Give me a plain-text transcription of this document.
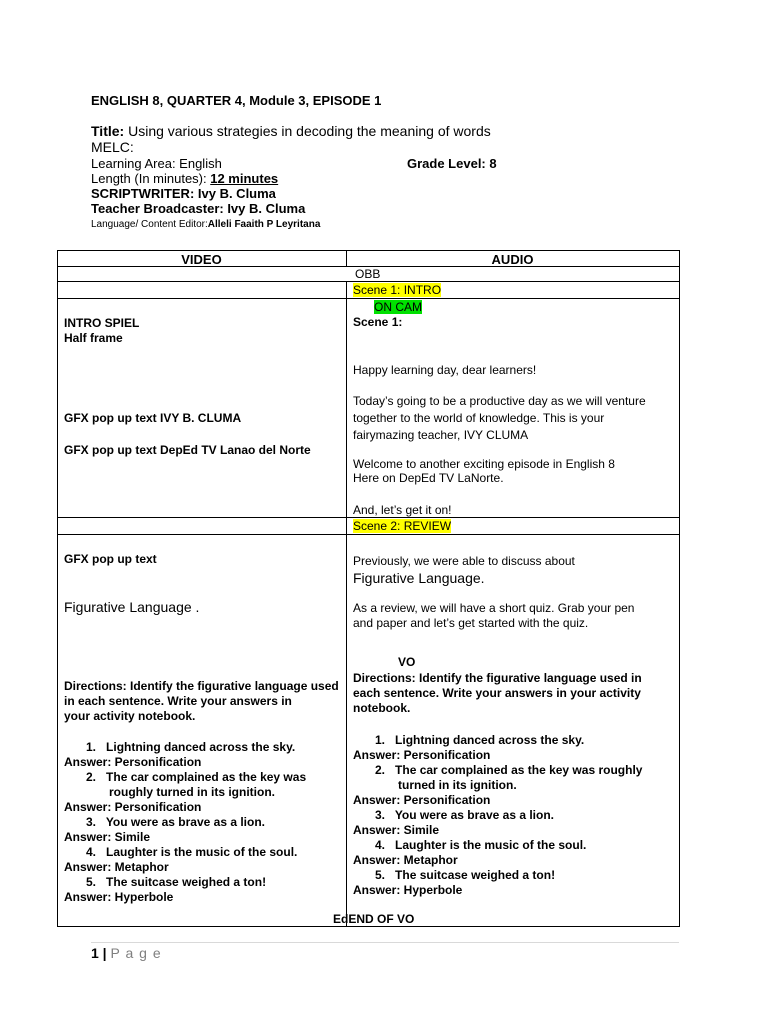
ENGLISH 8, QUARTER 4, Module 3, EPISODE 1
Title: Using various strategies in decoding the meaning of words
MELC:
Learning Area: English	Grade Level: 8
Length (In minutes): 12 minutes
SCRIPTWRITER: Ivy B. Cluma
Teacher Broadcaster: Ivy B. Cluma
Language/ Content Editor:Alleli Faaith P Leyritana
VIDEO	AUDIO
OBB
Scene 1: INTRO
ON CAM
Scene 1:
INTRO SPIEL
Half frame
GFX pop up text IVY B. CLUMA
GFX pop up text DepEd TV Lanao del Norte
Happy learning day, dear learners!
Today’s going to be a productive day as we will venture
together to the world of knowledge. This is your
fairymazing teacher, IVY CLUMA
Welcome to another exciting episode in English 8
Here on DepEd TV LaNorte.
And, let’s get it on!
Scene 2: REVIEW
GFX pop up text
Figurative Language .
Previously, we were able to discuss about
Figurative Language.
As a review, we will have a short quiz. Grab your pen
and paper and let’s get started with the quiz.
VO
Directions: Identify the figurative language used
in each sentence. Write your answers in
your activity notebook.
Directions: Identify the figurative language used in
each sentence. Write your answers in your activity
notebook.
1. Lightning danced across the sky.
Answer: Personification
2. The car complained as the key was
roughly turned in its ignition.
Answer: Personification
3. You were as brave as a lion.
Answer: Simile
4. Laughter is the music of the soul.
Answer: Metaphor
5. The suitcase weighed a ton!
Answer: Hyperbole
1. Lightning danced across the sky.
Answer: Personification
2. The car complained as the key was roughly
turned in its ignition.
Answer: Personification
3. You were as brave as a lion.
Answer: Simile
4. Laughter is the music of the soul.
Answer: Metaphor
5. The suitcase weighed a ton!
Answer: Hyperbole
EdEND OF VO
1 | P a g e
